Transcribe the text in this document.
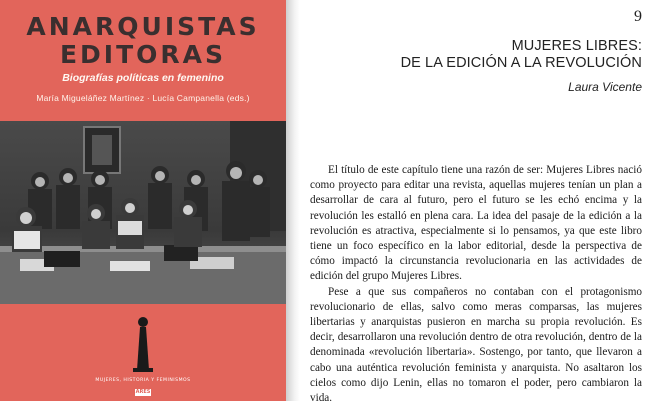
ANARQUISTAS
EDITORAS
Biografías políticas en femenino
María Migueláñez Martínez · Lucía Campanella (eds.)
MUJERES, HISTORIA Y FEMINISMOS
ARES
9
MUJERES LIBRES:
DE LA EDICIÓN A LA REVOLUCIÓN
Laura Vicente

El título de este capítulo tiene una razón de ser: Mujeres Libres nació como proyecto para editar una revista, aquellas mujeres tenían un plan a desarrollar de cara al futuro, pero el futuro se les echó encima y la revolución les estalló en plena cara. La idea del pasaje de la edición a la revolución es atractiva, especialmente si lo pensamos, ya que este libro tiene un foco específico en la labor editorial, desde la perspectiva de cómo impactó la circunstancia revolucionaria en las actividades de edición del grupo Mujeres Libres.

Pese a que sus compañeros no contaban con el protagonismo revolucionario de ellas, salvo como meras comparsas, las mujeres libertarias y anarquistas pusieron en marcha su propia revolución. Es decir, desarrollaron una revolución dentro de otra revolución, dentro de la denominada «revolución libertaria». Sostengo, por tanto, que llevaron a cabo una auténtica revolución feminista y anarquista. No asaltaron los cielos como dijo Lenin, ellas no tomaron el poder, pero cambiaron la vida.
